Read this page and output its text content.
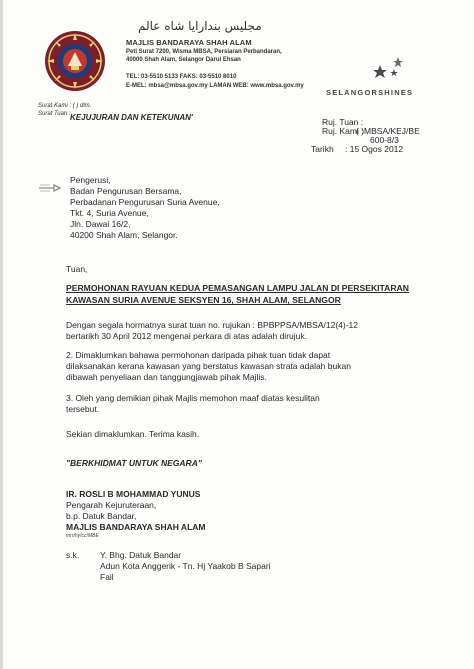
مجليس بندارايا شاه عالم
MAJLIS BANDARAYA SHAH ALAM
Peti Surat 7200, Wisma MBSA, Persiaran Perbandaran,
40000 Shah Alam, Selangor Darul Ehsan
TEL: 03-5510 5133 FAKS: 03-5510 8010
E-MEL: mbsa@mbsa.gov.my LAMAN WEB: www.mbsa.gov.my
SELANGORSHINES
Surat Kami : ( ) dlm.
Surat Tuan : KEJUJURAN DAN KETEKUNAN'	Ruj. Tuan :
Ruj. Kami :
( )MBSA/KEJ/BE
600-8/3
Tarikh : 15 Ogos 2012
Pengerusi,
Badan Pengurusan Bersama,
Perbadanan Pengurusan Suria Avenue,
Tkt. 4, Suria Avenue,
Jln. Dawai 16/2,
40200 Shah Alam, Selangor.
Tuan,
PERMOHONAN RAYUAN KEDUA PEMASANGAN LAMPU JALAN DI PERSEKITARAN
KAWASAN SURIA AVENUE SEKSYEN 16, SHAH ALAM, SELANGOR
Dengan segala hormatnya surat tuan no. rujukan : BPBPPSA/MBSA/12(4)-12
bertarikh 30 April 2012 mengenai perkara di atas adalah dirujuk.
2. Dimaklumkan bahawa permohonan daripada pihak tuan tidak dapat
dilaksanakan kerana kawasan yang berstatus kawasan strata adalah bukan
dibawah penyeliaan dan tanggungjawab pihak Majlis.
3. Oleh yang demikian pihak Majlis memohon maaf diatas kesulitan
tersebut.
Sekian dimaklumkan. Terima kasih.
"BERKHIDMAT UNTUK NEGARA"
IR. ROSLI B MOHAMMAD YUNUS
Pengarah Kejuruteraan,
b.p. Datuk Bandar,
MAJLIS BANDARAYA SHAH ALAM
mrr/hy/cc/MBE
s.k. Y. Bhg. Datuk Bandar
Adun Kota Anggerik - Tn. Hj Yaakob B Sapari
Fail
